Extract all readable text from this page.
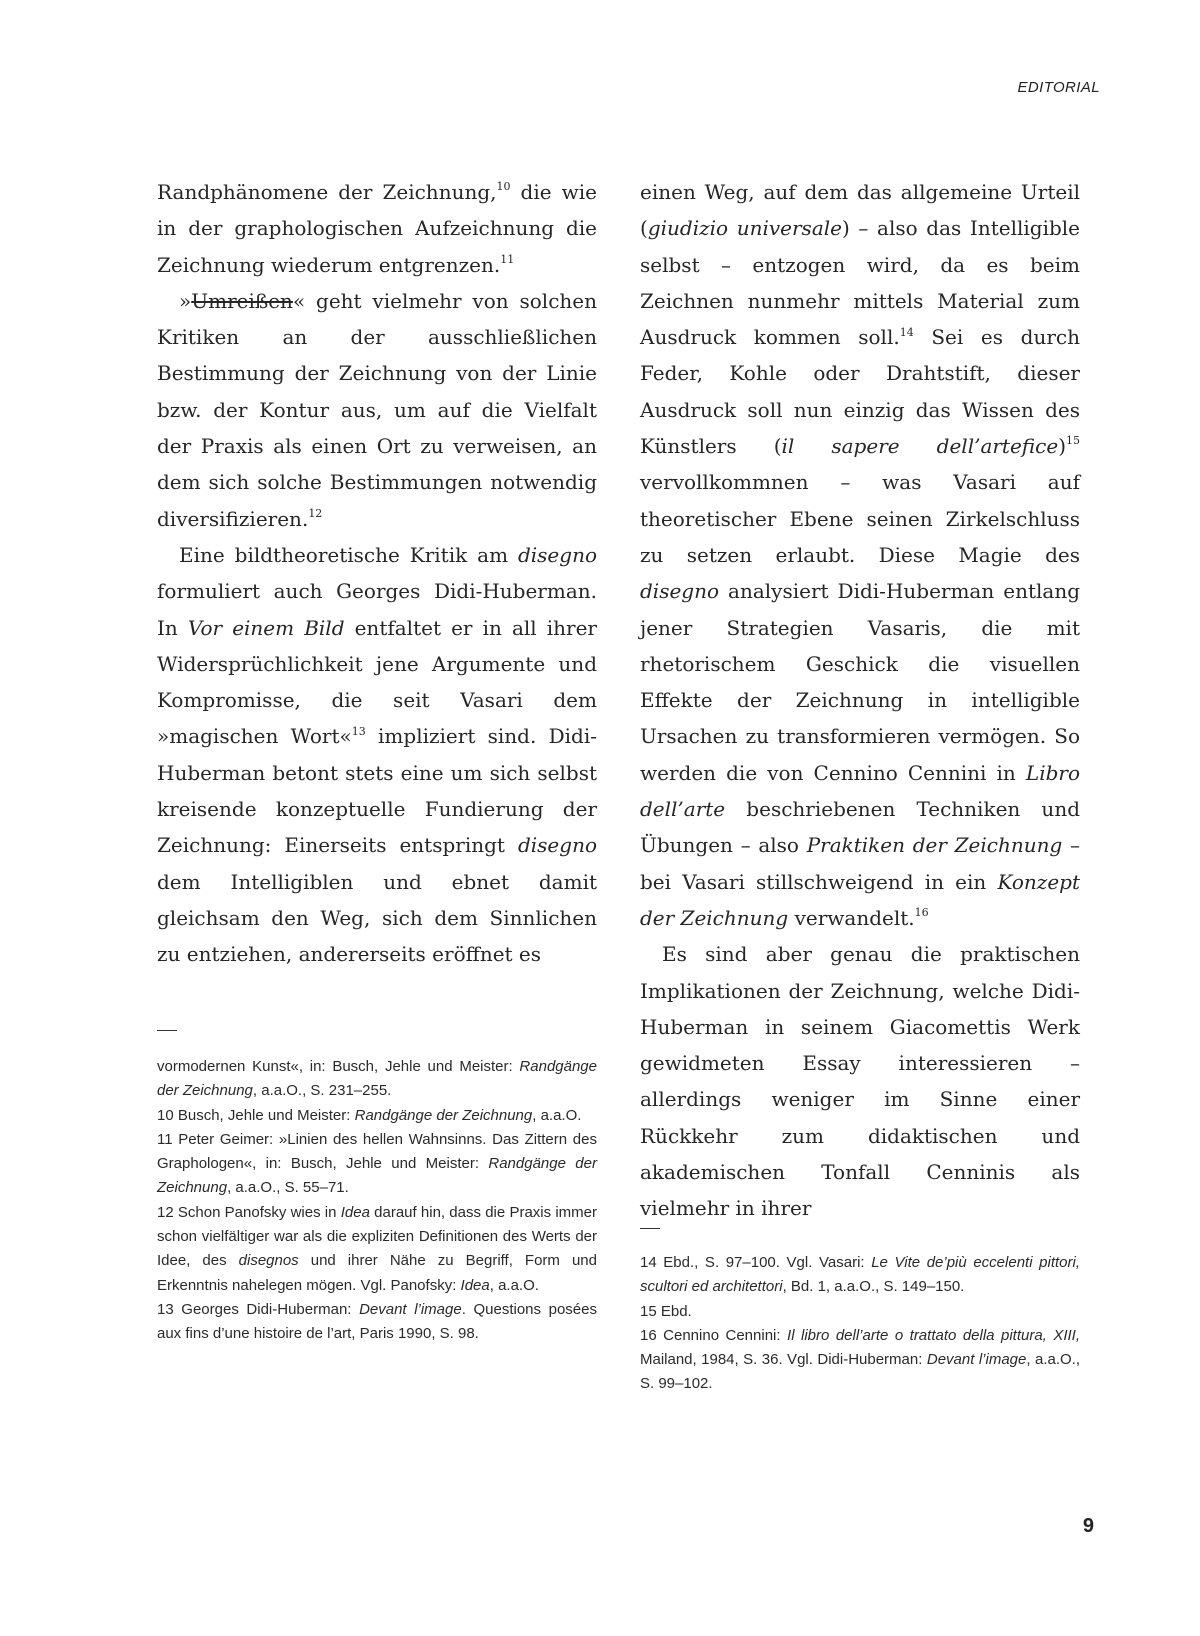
EDITORIAL

Randphänomene der Zeichnung,$^{10}$ die wie in der graphologischen Aufzeichnung die Zeichnung wiederum entgrenzen.$^{11}$

»Umreißen« geht vielmehr von solchen Kritiken an der ausschließlichen Bestimmung der Zeichnung von der Linie bzw. der Kontur aus, um auf die Vielfalt der Praxis als einen Ort zu verweisen, an dem sich solche Bestimmungen notwendig diversifizieren.$^{12}$

Eine bildtheoretische Kritik am disegno formuliert auch Georges Didi-Huberman. In Vor einem Bild entfaltet er in all ihrer Widersprüchlichkeit jene Argumente und Kompromisse, die seit Vasari dem »magischen Wort«$^{13}$ impliziert sind. Didi-Huberman betont stets eine um sich selbst kreisende konzeptuelle Fundierung der Zeichnung: Einerseits entspringt disegno dem Intelligiblen und ebnet damit gleichsam den Weg, sich dem Sinnlichen zu entziehen, andererseits eröffnet es

einen Weg, auf dem das allgemeine Urteil (giudizio universale) – also das Intelligible selbst – entzogen wird, da es beim Zeichnen nunmehr mittels Material zum Ausdruck kommen soll.$^{14}$ Sei es durch Feder, Kohle oder Drahtstift, dieser Ausdruck soll nun einzig das Wissen des Künstlers (il sapere dell’artefice)$^{15}$ vervollkommnen – was Vasari auf theoretischer Ebene seinen Zirkelschluss zu setzen erlaubt. Diese Magie des disegno analysiert Didi-Huberman entlang jener Strategien Vasaris, die mit rhetorischem Geschick die visuellen Effekte der Zeichnung in intelligible Ursachen zu transformieren vermögen. So werden die von Cennino Cennini in Libro dell’arte beschriebenen Techniken und Übungen – also Praktiken der Zeichnung – bei Vasari stillschweigend in ein Konzept der Zeichnung verwandelt.$^{16}$

Es sind aber genau die praktischen Implikationen der Zeichnung, welche Didi-Huberman in seinem Giacomettis Werk gewidmeten Essay interessieren – allerdings weniger im Sinne einer Rückkehr zum didaktischen und akademischen Tonfall Cenninis als vielmehr in ihrer

vormodernen Kunst«, in: Busch, Jehle und Meister: Randgänge der Zeichnung, a.a.O., S. 231–255.

10 Busch, Jehle und Meister: Randgänge der Zeichnung, a.a.O.

11 Peter Geimer: »Linien des hellen Wahnsinns. Das Zittern des Graphologen«, in: Busch, Jehle und Meister: Randgänge der Zeichnung, a.a.O., S. 55–71.

12 Schon Panofsky wies in Idea darauf hin, dass die Praxis immer schon vielfältiger war als die expliziten Definitionen des Werts der Idee, des disegnos und ihrer Nähe zu Begriff, Form und Erkenntnis nahelegen mögen. Vgl. Panofsky: Idea, a.a.O.

13 Georges Didi-Huberman: Devant l’image. Questions posées aux fins d’une histoire de l’art, Paris 1990, S. 98.

14 Ebd., S. 97–100. Vgl. Vasari: Le Vite de’più eccelenti pittori, scultori ed architettori, Bd. 1, a.a.O., S. 149–150.

15 Ebd.

16 Cennino Cennini: Il libro dell’arte o trattato della pittura, XIII, Mailand, 1984, S. 36. Vgl. Didi-Huberman: Devant l’image, a.a.O., S. 99–102.

9
